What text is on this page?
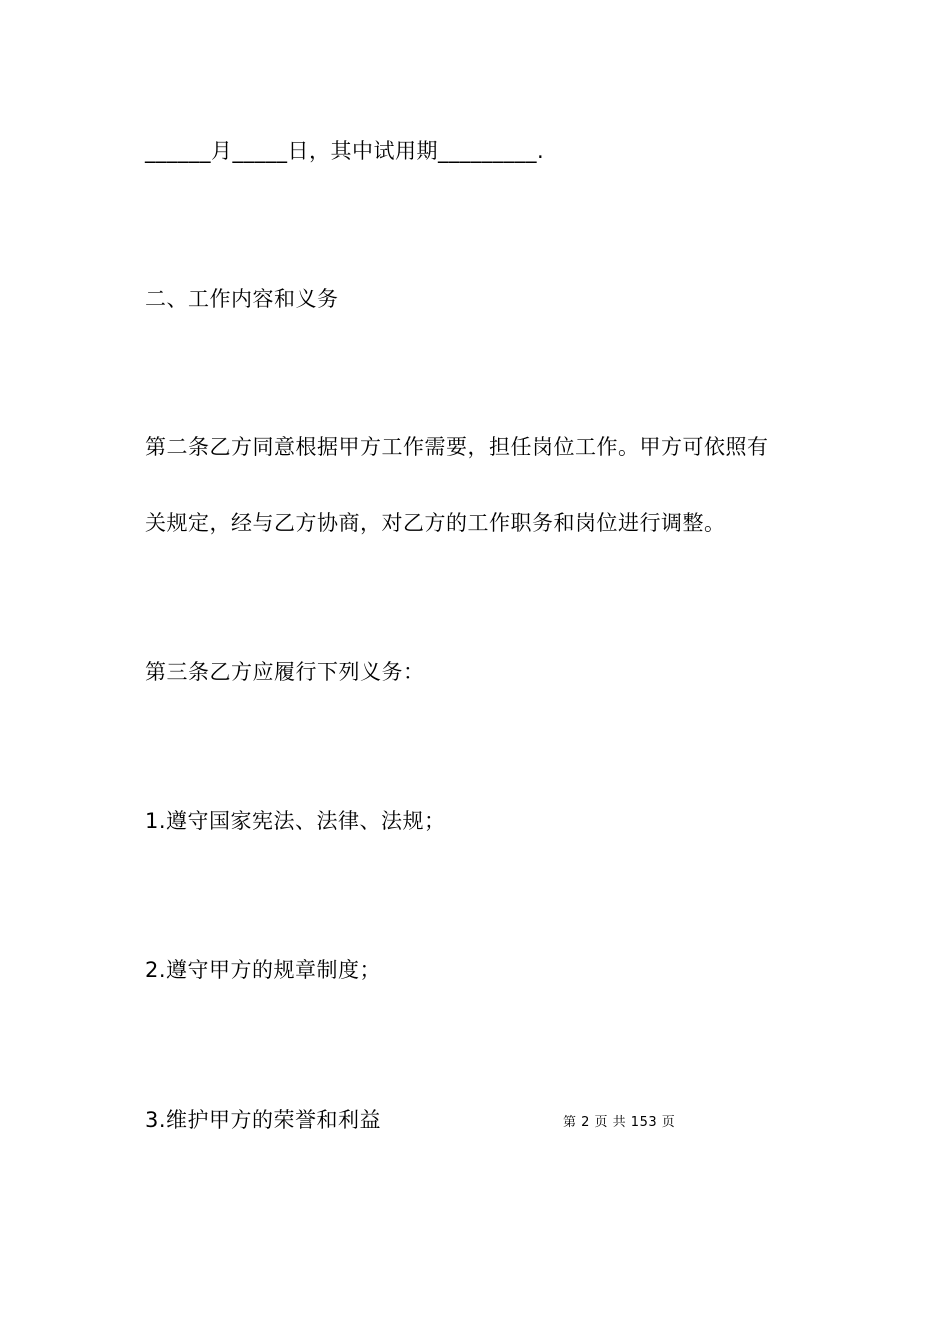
______月_____日，其中试用期_________.
二、工作内容和义务
第二条乙方同意根据甲方工作需要，担任岗位工作。甲方可依照有
关规定，经与乙方协商，对乙方的工作职务和岗位进行调整。
第三条乙方应履行下列义务：
1.遵守国家宪法、法律、法规；
2.遵守甲方的规章制度；
3.维护甲方的荣誉和利益	第 2 页 共 153 页
